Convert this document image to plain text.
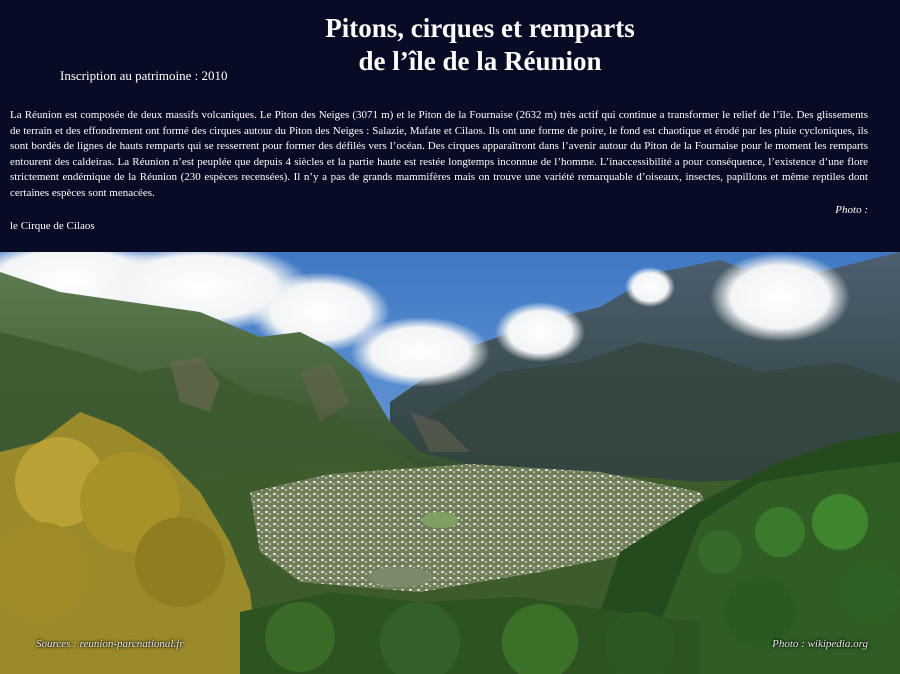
Pitons, cirques et remparts
de l’île de la Réunion
Inscription au patrimoine : 2010
La Réunion est composée de deux massifs volcaniques. Le Piton des Neiges (3071 m) et le Piton de la Fournaise (2632 m) très actif qui continue a transformer le relief de l’île. Des glissements de terrain et des effondrement ont formé des cirques autour du Piton des Neiges : Salazie, Mafate et Cilaos. Ils ont une forme de poire, le fond est chaotique et érodé par les pluie cycloniques, ils sont bordés de lignes de hauts remparts qui se resserrent pour former des défilés vers l’océan. Des cirques apparaîtront dans l’avenir autour du Piton de la Fournaise pour le moment les remparts entourent des caldeiras. La Réunion n’est peuplée que depuis 4 siècles et la partie haute est restée longtemps inconnue de l’homme. L’inaccessibilité a pour conséquence, l’existence d’une flore strictement endémique de la Réunion (230 espèces recensées). Il n’y a pas de grands mammifères mais on trouve une variété remarquable d’oiseaux, insectes, papillons et même reptiles dont certaines espèces sont menacées.
Photo :
le Cirque de Cilaos
Sources : reunion-parcnational.fr	Photo : wikipedia.org
